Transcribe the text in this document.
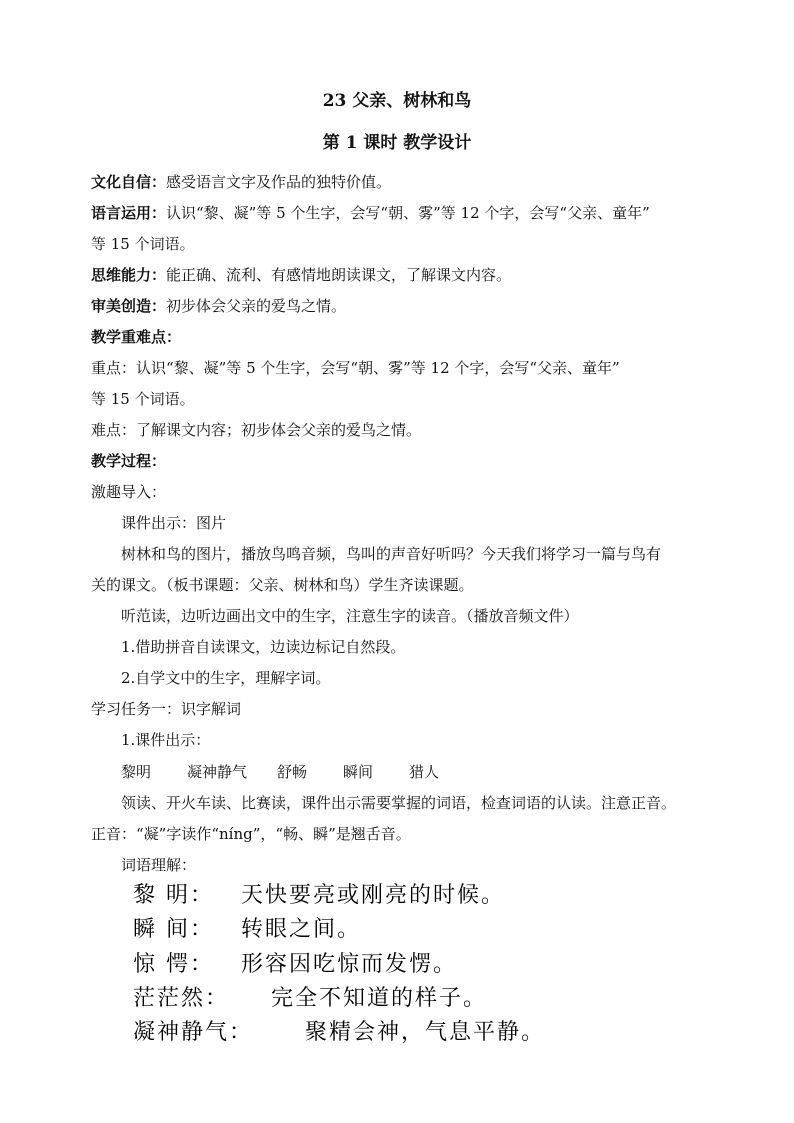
23 父亲、树林和鸟
第 1 课时 教学设计
文化自信：感受语言文字及作品的独特价值。
语言运用：认识“黎、凝”等 5 个生字，会写“朝、雾”等 12 个字，会写“父亲、童年”
等 15 个词语。
思维能力：能正确、流利、有感情地朗读课文，了解课文内容。
审美创造：初步体会父亲的爱鸟之情。
教学重难点：
重点：认识“黎、凝”等 5 个生字，会写“朝、雾”等 12 个字，会写“父亲、童年”
等 15 个词语。
难点：了解课文内容；初步体会父亲的爱鸟之情。
教学过程：
激趣导入：
课件出示：图片
树林和鸟的图片，播放鸟鸣音频，鸟叫的声音好听吗？今天我们将学习一篇与鸟有
关的课文。（板书课题：父亲、树林和鸟）学生齐读课题。
听范读，边听边画出文中的生字，注意生字的读音。（播放音频文件）
1.借助拼音自读课文，边读边标记自然段。
2.自学文中的生字，理解字词。
学习任务一：识字解词
1.课件出示：
黎明 凝神静气 舒畅 瞬间 猎人
领读、开火车读、比赛读，课件出示需要掌握的词语，检查词语的认读。注意正音。
正音：“凝”字读作“níng”，“畅、瞬”是翘舌音。
词语理解：
黎 明： 天快要亮或刚亮的时候。
瞬 间： 转眼之间。
惊 愕： 形容因吃惊而发愣。
茫茫然： 完全不知道的样子。
凝神静气： 聚精会神，气息平静。
